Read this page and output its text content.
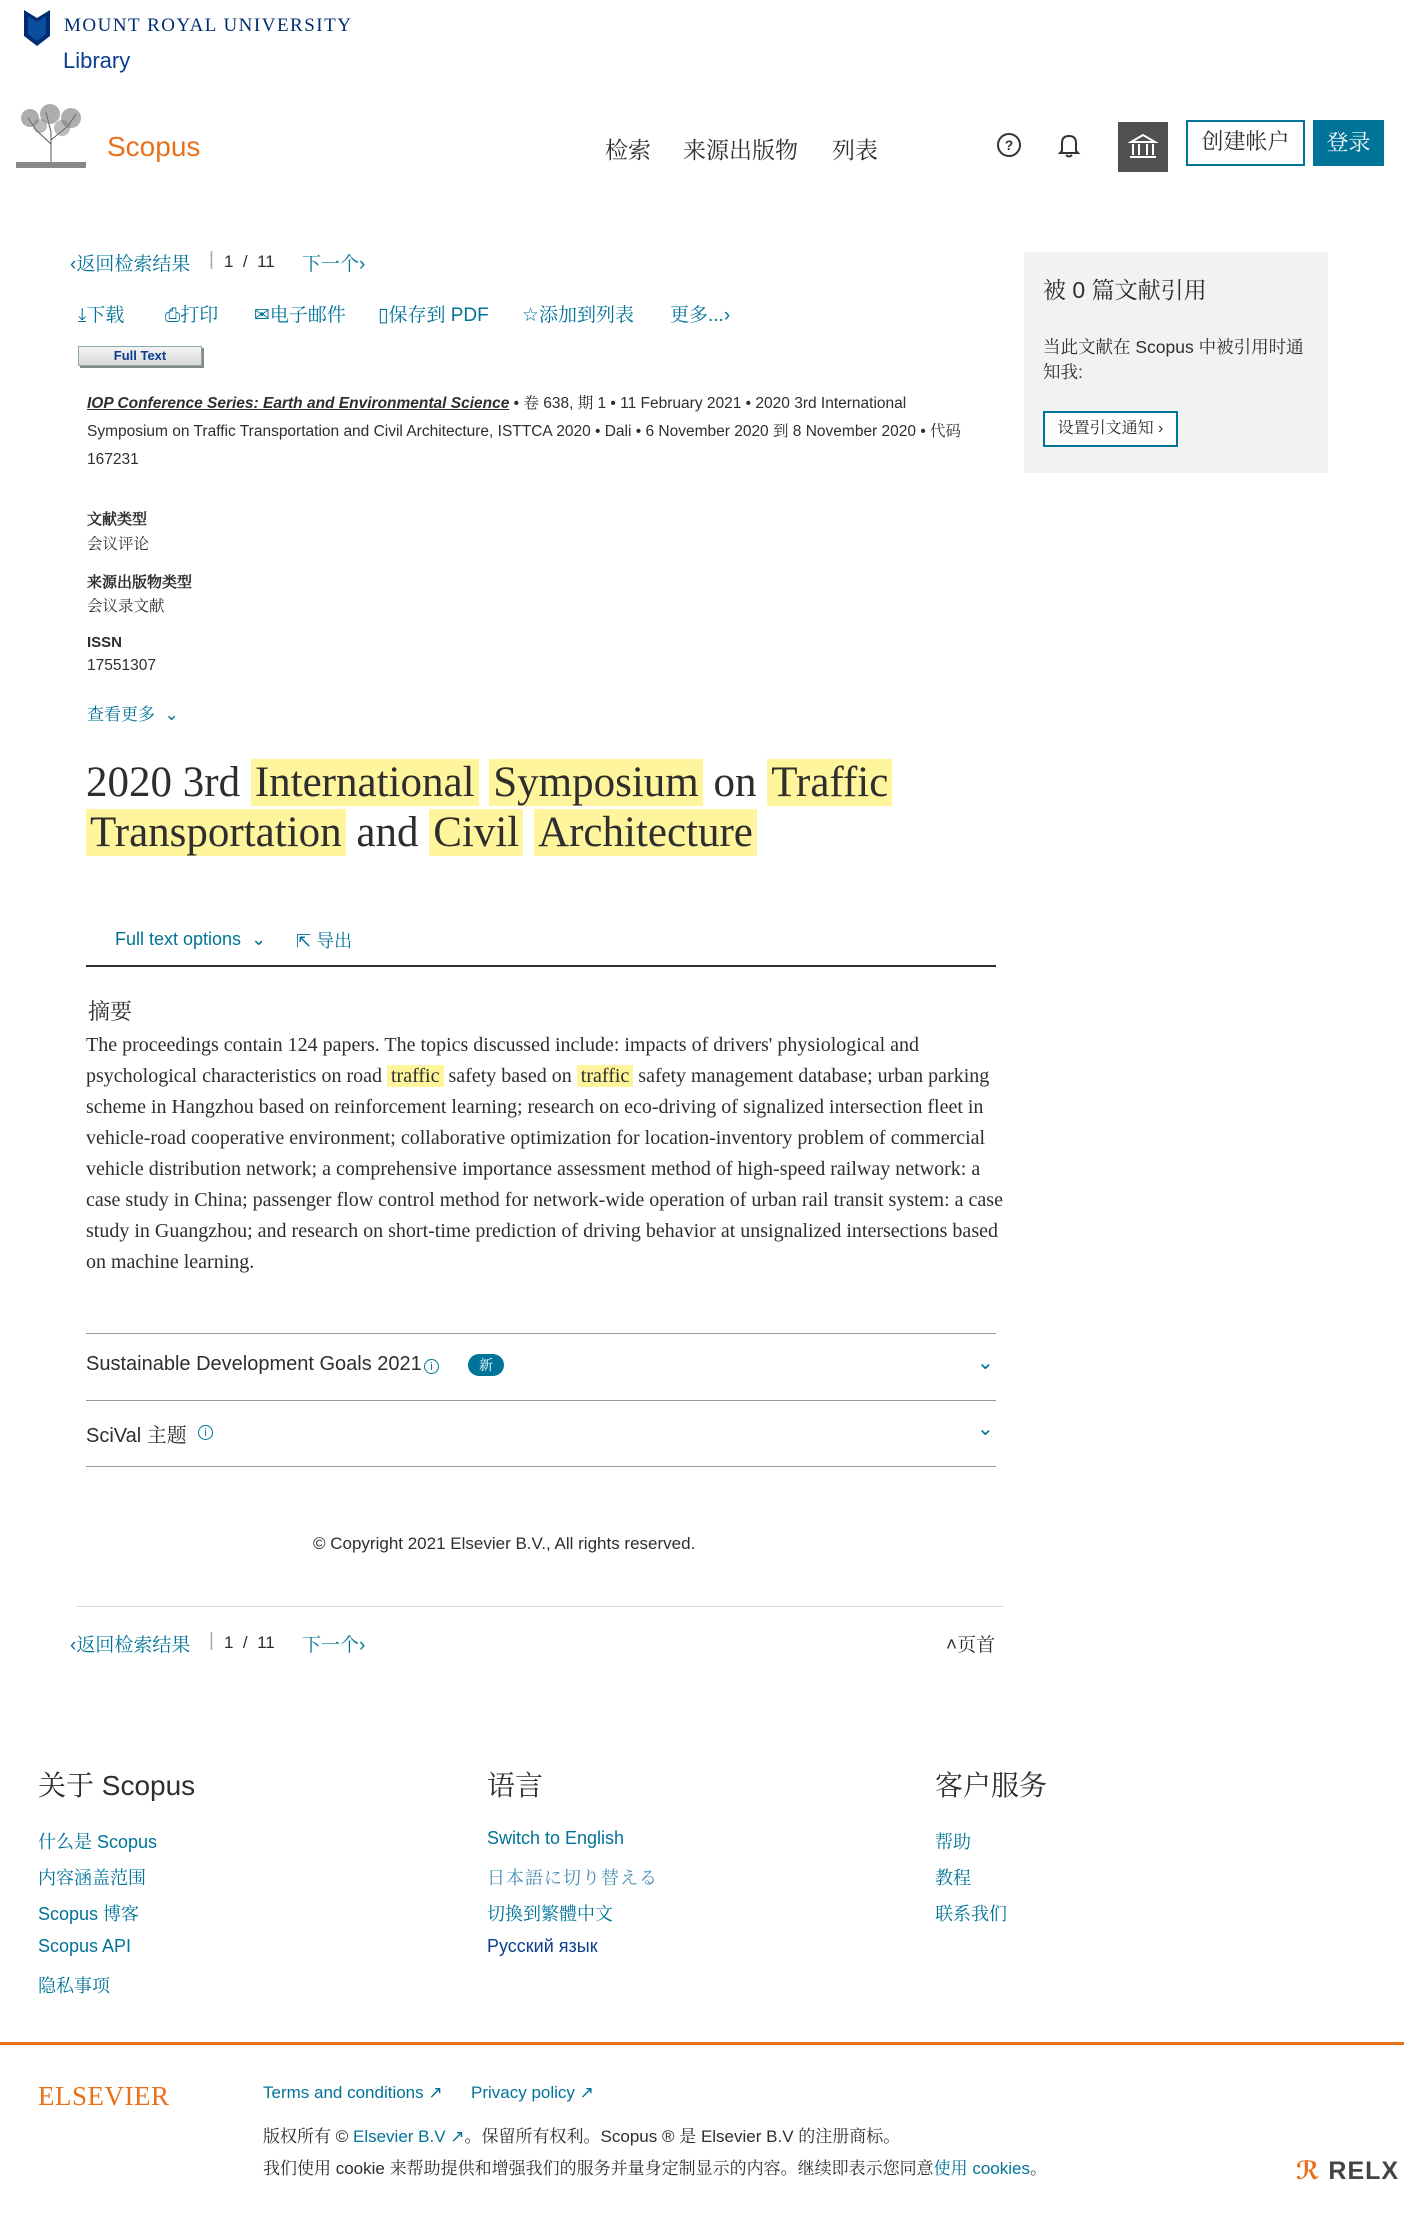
MOUNT ROYAL UNIVERSITY
Library
Scopus	检索 来源出版物 列表	?	创建帐户	登录
‹返回检索结果 | 1 / 11 下一个›
⤓下载 ⎙打印 ✉电子邮件 ▯保存到 PDF ☆添加到列表 更多...›
Full Text
IOP Conference Series: Earth and Environmental Science • 卷 638, 期 1 • 11 February 2021 • 2020 3rd International
Symposium on Traffic Transportation and Civil Architecture, ISTTCA 2020 • Dali • 6 November 2020 到 8 November 2020 • 代码
167231
文献类型
会议评论
来源出版物类型
会议录文献
ISSN
17551307
查看更多 ⌄
2020 3rd International Symposium on Traffic
Transportation and Civil Architecture
Full text options ⌄ ⇱ 导出
摘要
The proceedings contain 124 papers. The topics discussed include: impacts of drivers' physiological and psychological characteristics on road traffic safety based on traffic safety management database; urban parking scheme in Hangzhou based on reinforcement learning; research on eco-driving of signalized intersection fleet in vehicle-road cooperative environment; collaborative optimization for location-inventory problem of commercial vehicle distribution network; a comprehensive importance assessment method of high-speed railway network: a case study in China; passenger flow control method for network-wide operation of urban rail transit system: a case study in Guangzhou; and research on short-time prediction of driving behavior at unsignalized intersections based on machine learning.
Sustainable Development Goals 2021 i	新	⌄
SciVal 主题	i	⌄
© Copyright 2021 Elsevier B.V., All rights reserved.
‹返回检索结果 | 1 / 11 下一个›	˄页首
被 0 篇文献引用
当此文献在 Scopus 中被引用时通知我:
设置引文通知 ›
关于 Scopus
什么是 Scopus
内容涵盖范围
Scopus 博客
Scopus API
隐私事项
语言
Switch to English
日本語に切り替える
切換到繁體中文
Русский язык
客户服务
帮助
教程
联系我们
ELSEVIER	Terms and conditions ↗ Privacy policy ↗
版权所有 © Elsevier B.V ↗。保留所有权利。Scopus ® 是 Elsevier B.V 的注册商标。
我们使用 cookie 来帮助提供和增强我们的服务并量身定制显示的内容。继续即表示您同意使用 cookies。	ℛ RELX
